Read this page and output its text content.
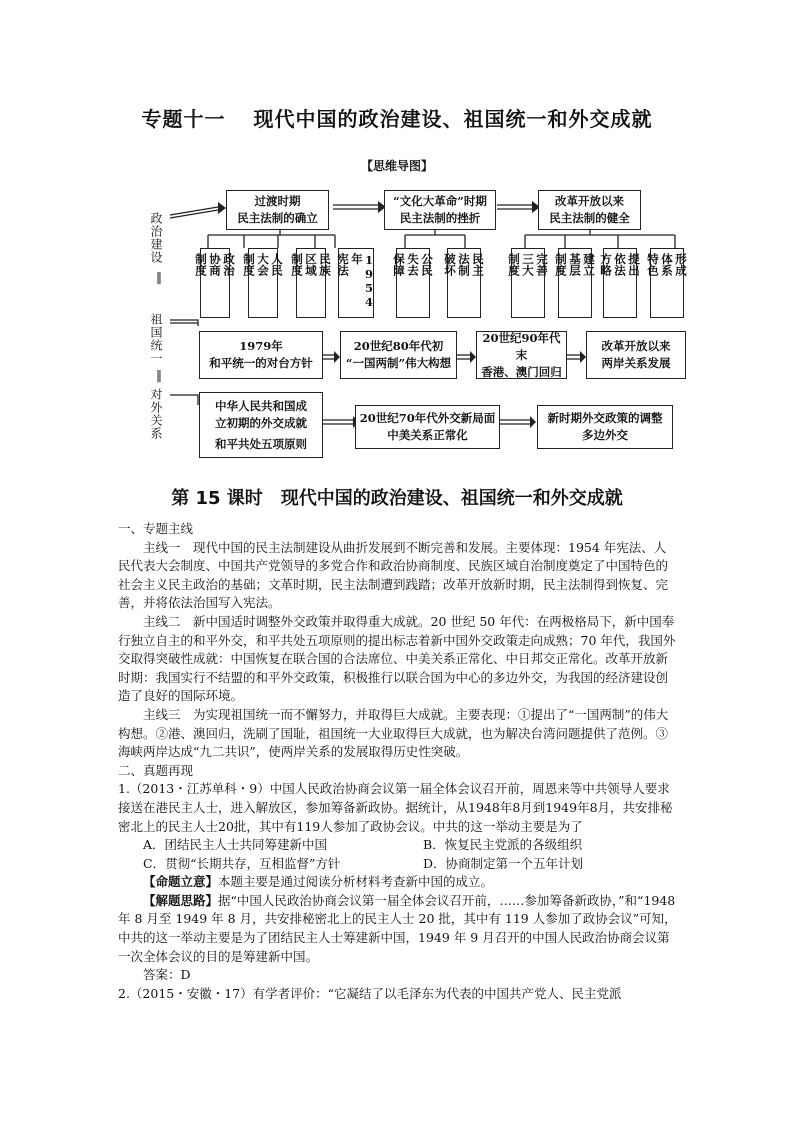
专题十一 现代中国的政治建设、祖国统一和外交成就
【思维导图】
政治建设
‖
祖国统一
‖
对外关系
过渡时期
民主法制的确立
“文化大革命”时期
民主法制的挫折
改革开放以来
民主法制的健全
制度 协商 政治 制度 大会 人民 制度 区域 民族 宪法	1954年	保障 失去 公民 破坏 法制 民主 制度 三大 完善 制度 基层 建立 方略 依法 提出 特色 体系 形成
1979年
和平统一的对台方针
20世纪80年代初
“一国两制”伟大构想
20世纪90年代末
香港、澳门回归
改革开放以来
两岸关系发展
中华人民共和国成
立初期的外交成就
和平共处五项原则
20世纪70年代外交新局面
中美关系正常化
新时期外交政策的调整
多边外交
第 15 课时　现代中国的政治建设、祖国统一和外交成就

一、专题主线

主线一　现代中国的民主法制建设从曲折发展到不断完善和发展。主要体现：1954 年宪法、人民代表大会制度、中国共产党领导的多党合作和政治协商制度、民族区域自治制度奠定了中国特色的社会主义民主政治的基础；文革时期，民主法制遭到践踏；改革开放新时期，民主法制得到恢复、完善，并将依法治国写入宪法。

主线二　新中国适时调整外交政策并取得重大成就。20 世纪 50 年代：在两极格局下，新中国奉行独立自主的和平外交，和平共处五项原则的提出标志着新中国外交政策走向成熟；70 年代，我国外交取得突破性成就：中国恢复在联合国的合法席位、中美关系正常化、中日邦交正常化。改革开放新时期：我国实行不结盟的和平外交政策，积极推行以联合国为中心的多边外交，为我国的经济建设创造了良好的国际环境。

主线三　为实现祖国统一而不懈努力，并取得巨大成就。主要表现：①提出了“一国两制”的伟大构想。②港、澳回归，洗刷了国耻，祖国统一大业取得巨大成就，也为解决台湾问题提供了范例。③海峡两岸达成“九二共识”，使两岸关系的发展取得历史性突破。

二、真题再现

1.（2013・江苏单科・9）中国人民政治协商会议第一届全体会议召开前，周恩来等中共领导人要求接送在港民主人士，进入解放区，参加筹备新政协。据统计，从1948年8月到1949年8月，共安排秘密北上的民主人士20批，其中有119人参加了政协会议。中共的这一举动主要是为了

A．团结民主人士共同筹建新中国	B．恢复民主党派的各级组织
C．贯彻“长期共存，互相监督”方针	D．协商制定第一个五年计划

【命题立意】本题主要是通过阅读分析材料考查新中国的成立。

【解题思路】据“中国人民政治协商会议第一届全体会议召开前，……参加筹备新政协，”和“1948 年 8 月至 1949 年 8 月，共安排秘密北上的民主人士 20 批，其中有 119 人参加了政协会议”可知，中共的这一举动主要是为了团结民主人士筹建新中国，1949 年 9 月召开的中国人民政治协商会议第一次全体会议的目的是筹建新中国。

答案：D

2.（2015・安徽・17）有学者评价：“它凝结了以毛泽东为代表的中国共产党人、民主党派
